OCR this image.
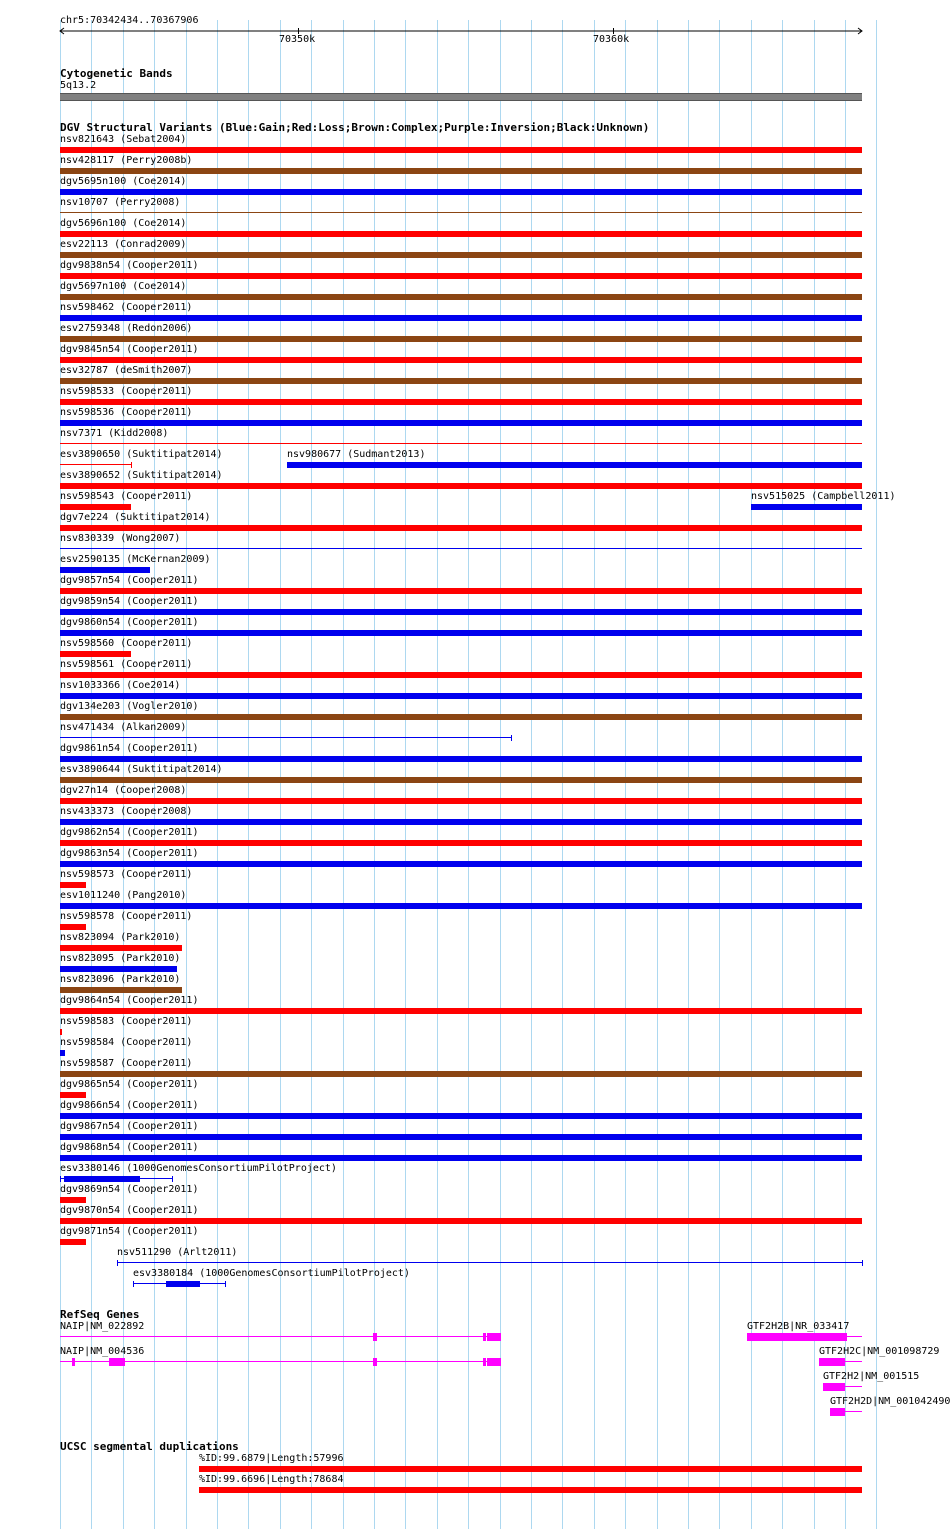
chr5:70342434..70367906
70350k	70360k
Cytogenetic Bands
5q13.2
DGV Structural Variants (Blue:Gain;Red:Loss;Brown:Complex;Purple:Inversion;Black:Unknown)
nsv821643 (Sebat2004)
nsv428117 (Perry2008b)
dgv5695n100 (Coe2014)
nsv10707 (Perry2008)
dgv5696n100 (Coe2014)
esv22113 (Conrad2009)
dgv9838n54 (Cooper2011)
dgv5697n100 (Coe2014)
nsv598462 (Cooper2011)
esv2759348 (Redon2006)
dgv9845n54 (Cooper2011)
esv32787 (deSmith2007)
nsv598533 (Cooper2011)
nsv598536 (Cooper2011)
nsv7371 (Kidd2008)
esv3890650 (Suktitipat2014)	nsv980677 (Sudmant2013)
esv3890652 (Suktitipat2014)
nsv598543 (Cooper2011)	nsv515025 (Campbell2011)
dgv7e224 (Suktitipat2014)
nsv830339 (Wong2007)
esv2590135 (McKernan2009)
dgv9857n54 (Cooper2011)
dgv9859n54 (Cooper2011)
dgv9860n54 (Cooper2011)
nsv598560 (Cooper2011)
nsv598561 (Cooper2011)
nsv1033366 (Coe2014)
dgv134e203 (Vogler2010)
nsv471434 (Alkan2009)
dgv9861n54 (Cooper2011)
esv3890644 (Suktitipat2014)
dgv27n14 (Cooper2008)
nsv433373 (Cooper2008)
dgv9862n54 (Cooper2011)
dgv9863n54 (Cooper2011)
nsv598573 (Cooper2011)
esv1011240 (Pang2010)
nsv598578 (Cooper2011)
nsv823094 (Park2010)
nsv823095 (Park2010)
nsv823096 (Park2010)
dgv9864n54 (Cooper2011)
nsv598583 (Cooper2011)
nsv598584 (Cooper2011)
nsv598587 (Cooper2011)
dgv9865n54 (Cooper2011)
dgv9866n54 (Cooper2011)
dgv9867n54 (Cooper2011)
dgv9868n54 (Cooper2011)
esv3380146 (1000GenomesConsortiumPilotProject)
dgv9869n54 (Cooper2011)
dgv9870n54 (Cooper2011)
dgv9871n54 (Cooper2011)
nsv511290 (Arlt2011)
esv3380184 (1000GenomesConsortiumPilotProject)
RefSeq Genes
NAIP|NM_022892
NAIP|NM_004536
GTF2H2B|NR_033417
GTF2H2C|NM_001098729
GTF2H2|NM_001515
GTF2H2D|NM_001042490
UCSC segmental duplications
%ID:99.6879|Length:57996
%ID:99.6696|Length:78684
